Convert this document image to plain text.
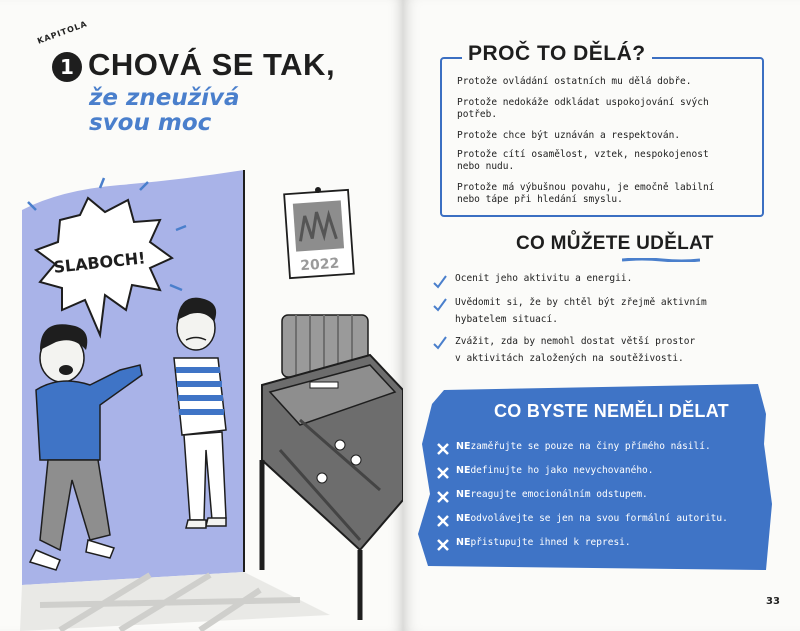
KAPITOLA
1 CHOVÁ SE TAK,
že zneužívá
svou moc
2022
SLABOCH!
PROČ TO DĚLÁ?
Protože ovládání ostatních mu dělá dobře.
Protože nedokáže odkládat uspokojování svých
potřeb.
Protože chce být uznáván a respektován.
Protože cítí osamělost, vztek, nespokojenost
nebo nudu.
Protože má výbušnou povahu, je emočně labilní
nebo tápe při hledání smyslu.
CO MŮŽETE UDĚLAT
Ocenit jeho aktivitu a energii.
Uvědomit si, že by chtěl být zřejmě aktivním
hybatelem situací.
Zvážit, zda by nemohl dostat větší prostor
v aktivitách založených na soutěživosti.
CO BYSTE NEMĚLI DĚLAT
NEzaměřujte se pouze na činy přímého násilí.
NEdefinujte ho jako nevychovaného.
NEreagujte emocionálním odstupem.
NEodvolávejte se jen na svou formální autoritu.
NEpřistupujte ihned k represi.
33
